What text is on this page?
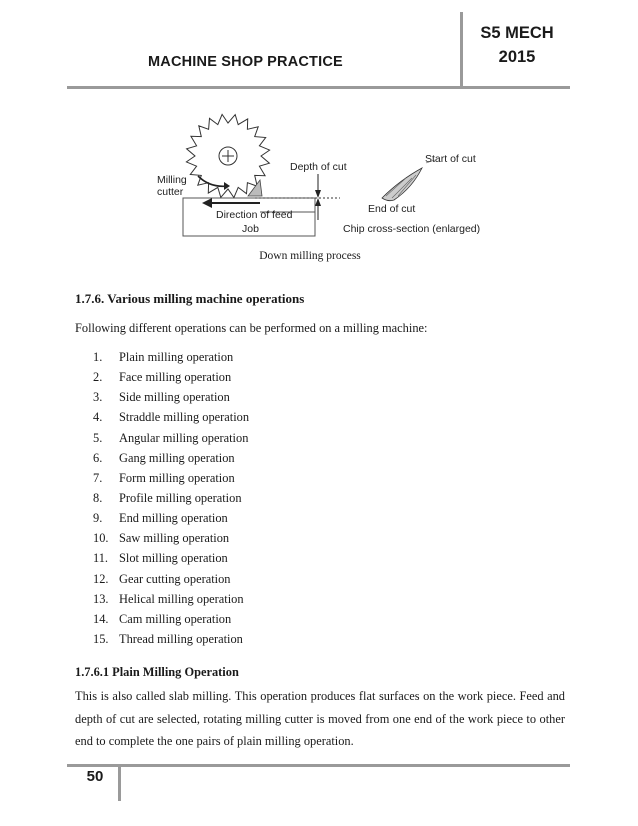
MACHINE SHOP PRACTICE
S5 MECH
2015
Milling
cutter
Depth of cut
Start of cut
End of cut
Direction of feed
Job	Chip cross-section (enlarged)
Down milling process
1.7.6. Various milling machine operations
Following different operations can be performed on a milling machine:
1.	Plain milling operation
2.	Face milling operation
3.	Side milling operation
4.	Straddle milling operation
5.	Angular milling operation
6.	Gang milling operation
7.	Form milling operation
8.	Profile milling operation
9.	End milling operation
10. Saw milling operation
11. Slot milling operation
12. Gear cutting operation
13. Helical milling operation
14. Cam milling operation
15. Thread milling operation
1.7.6.1 Plain Milling Operation
This is also called slab milling. This operation produces flat surfaces on the work piece. Feed and
depth of cut are selected, rotating milling cutter is moved from one end of the work piece to other
end to complete the one pairs of plain milling operation.
50
